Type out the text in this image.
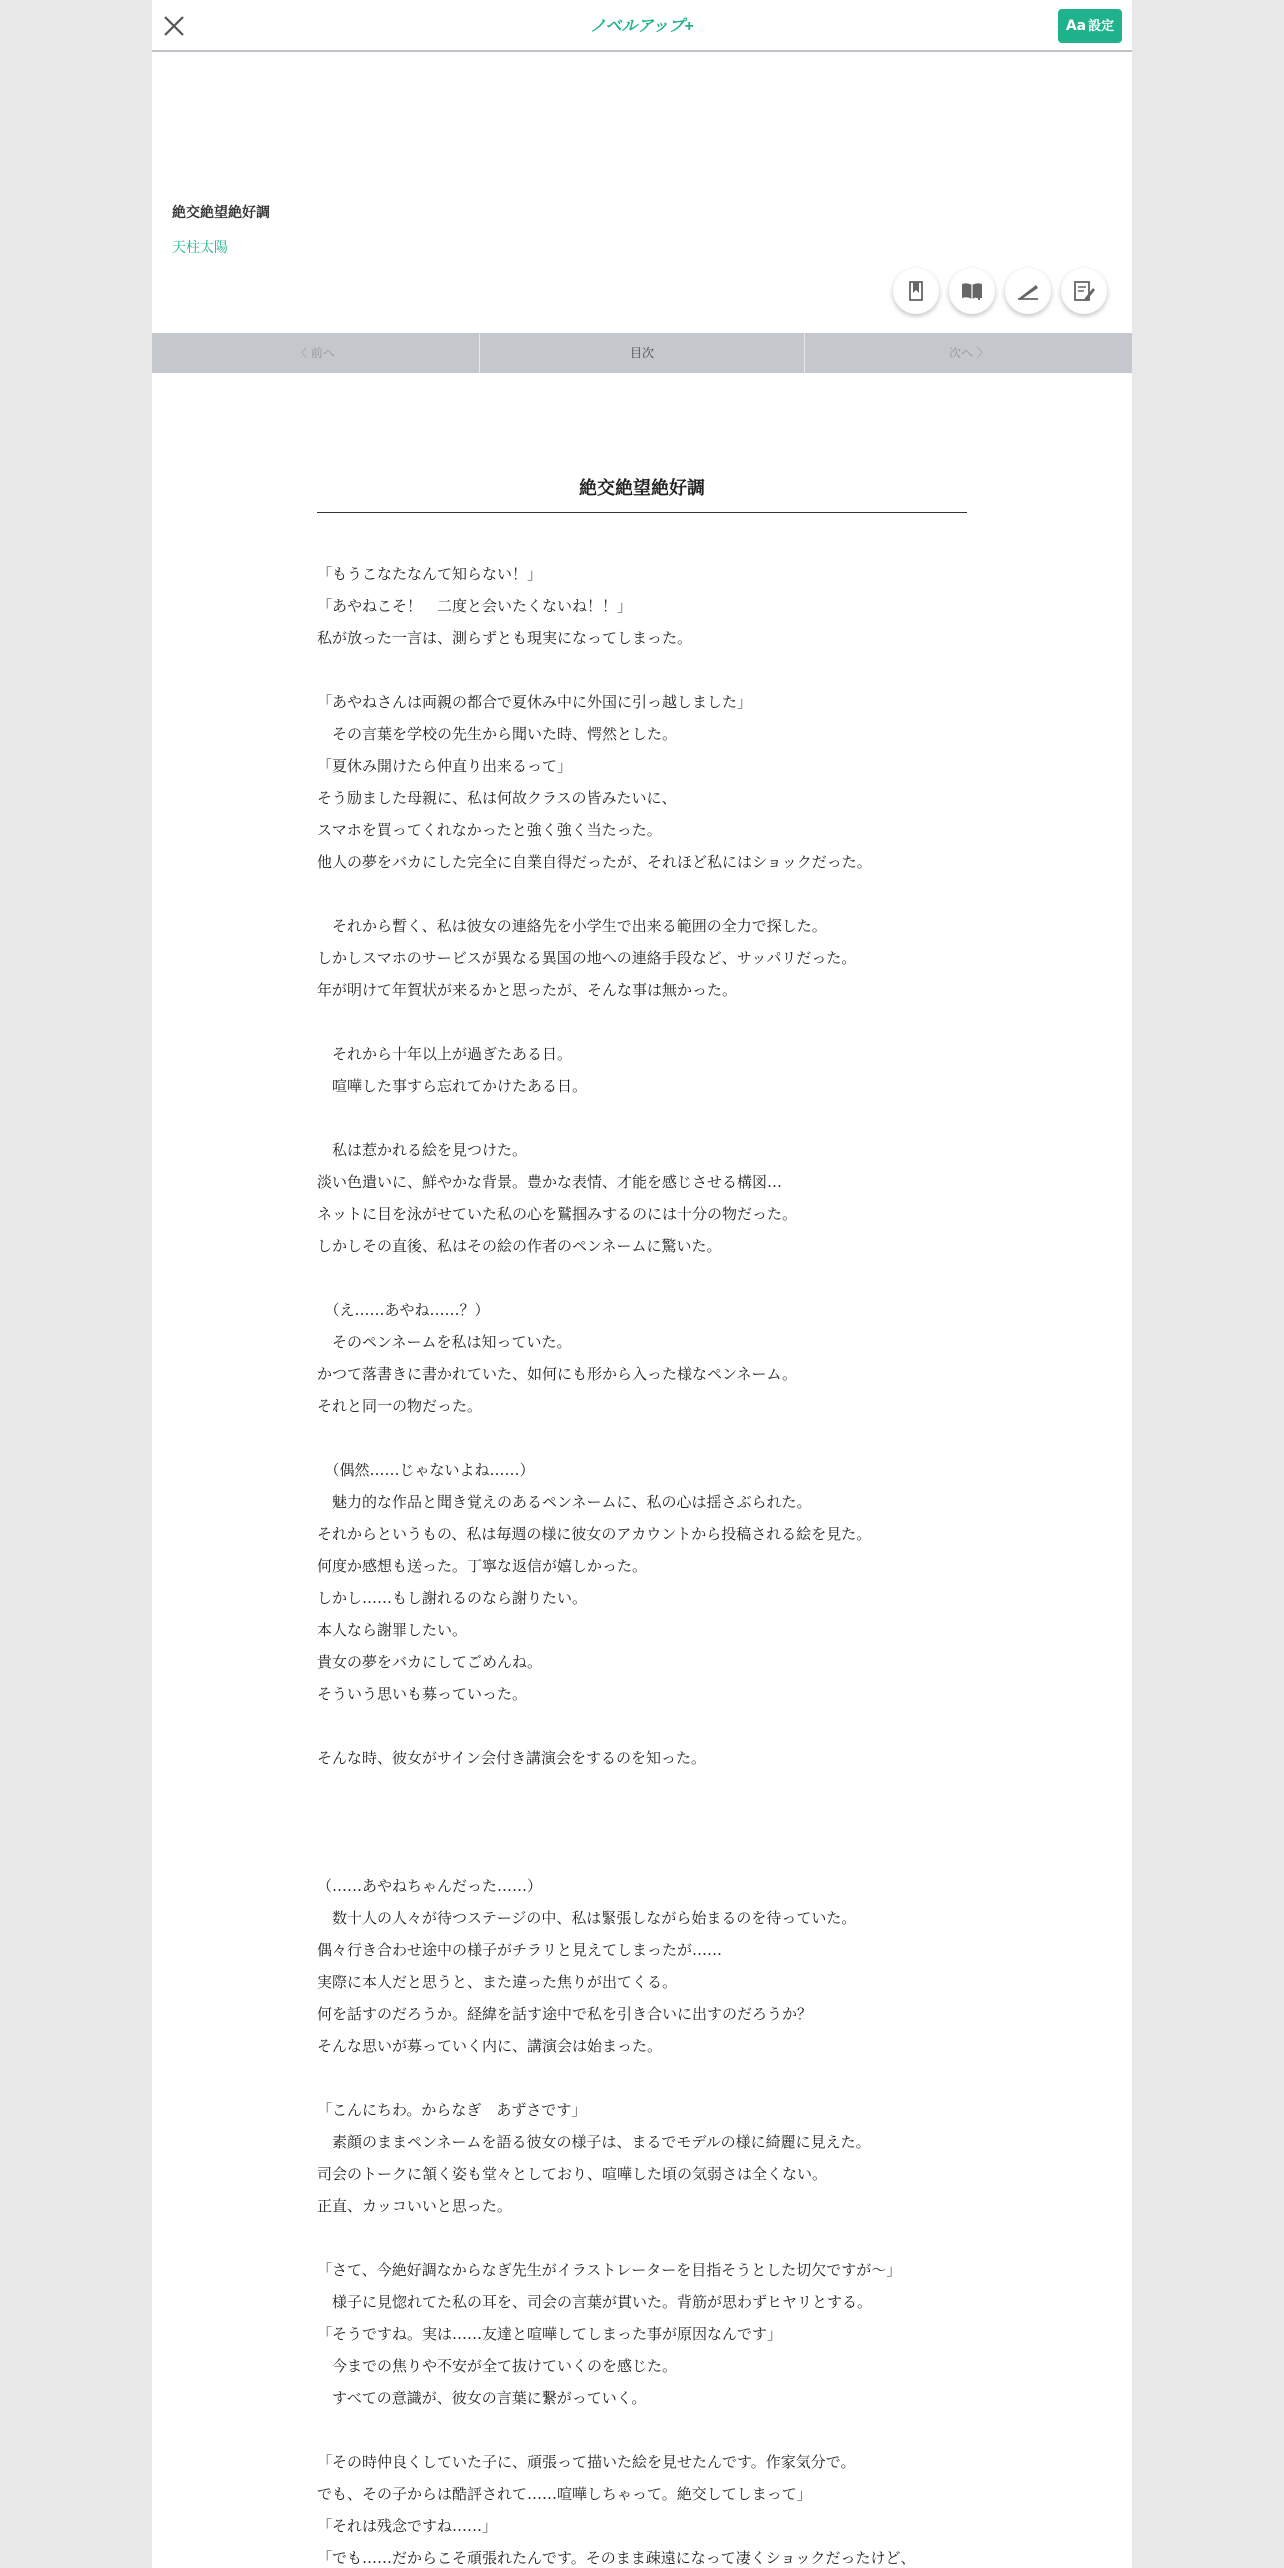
ノベルアップ+	Aa 設定
絶交絶望絶好調
天柱太陽
〈 前へ	目次	次へ 〉
絶交絶望絶好調
「もうこなたなんて知らない！」
「あやねこそ！　二度と会いたくないね！！」
私が放った一言は、測らずとも現実になってしまった。
「あやねさんは両親の都合で夏休み中に外国に引っ越しました」
　その言葉を学校の先生から聞いた時、愕然とした。
「夏休み開けたら仲直り出来るって」
そう励ました母親に、私は何故クラスの皆みたいに、
スマホを買ってくれなかったと強く強く当たった。
他人の夢をバカにした完全に自業自得だったが、それほど私にはショックだった。
　それから暫く、私は彼女の連絡先を小学生で出来る範囲の全力で探した。
しかしスマホのサービスが異なる異国の地への連絡手段など、サッパリだった。
年が明けて年賀状が来るかと思ったが、そんな事は無かった。
　それから十年以上が過ぎたある日。
　喧嘩した事すら忘れてかけたある日。
　私は惹かれる絵を見つけた。
淡い色遣いに、鮮やかな背景。豊かな表情、才能を感じさせる構図…
ネットに目を泳がせていた私の心を鷲掴みするのには十分の物だった。
しかしその直後、私はその絵の作者のペンネームに驚いた。
　（え……あやね……？）
　そのペンネームを私は知っていた。
かつて落書きに書かれていた、如何にも形から入った様なペンネーム。
それと同一の物だった。
　（偶然……じゃないよね……）
　魅力的な作品と聞き覚えのあるペンネームに、私の心は揺さぶられた。
それからというもの、私は毎週の様に彼女のアカウントから投稿される絵を見た。
何度か感想も送った。丁寧な返信が嬉しかった。
しかし……もし謝れるのなら謝りたい。
本人なら謝罪したい。
貴女の夢をバカにしてごめんね。
そういう思いも募っていった。
そんな時、彼女がサイン会付き講演会をするのを知った。
（……あやねちゃんだった……）
　数十人の人々が待つステージの中、私は緊張しながら始まるのを待っていた。
偶々行き合わせ途中の様子がチラリと見えてしまったが……
実際に本人だと思うと、また違った焦りが出てくる。
何を話すのだろうか。経緯を話す途中で私を引き合いに出すのだろうか？
そんな思いが募っていく内に、講演会は始まった。
「こんにちわ。からなぎ　あずさです」
　素顔のままペンネームを語る彼女の様子は、まるでモデルの様に綺麗に見えた。
司会のトークに頷く姿も堂々としており、喧嘩した頃の気弱さは全くない。
正直、カッコいいと思った。
「さて、今絶好調なからなぎ先生がイラストレーターを目指そうとした切欠ですが～」
　様子に見惚れてた私の耳を、司会の言葉が貫いた。背筋が思わずヒヤリとする。
「そうですね。実は……友達と喧嘩してしまった事が原因なんです」
　今までの焦りや不安が全て抜けていくのを感じた。
　すべての意識が、彼女の言葉に繋がっていく。
「その時仲良くしていた子に、頑張って描いた絵を見せたんです。作家気分で。
でも、その子からは酷評されて……喧嘩しちゃって。絶交してしまって」
「それは残念ですね……」
「でも……だからこそ頑張れたんです。そのまま疎遠になって凄くショックだったけど、
